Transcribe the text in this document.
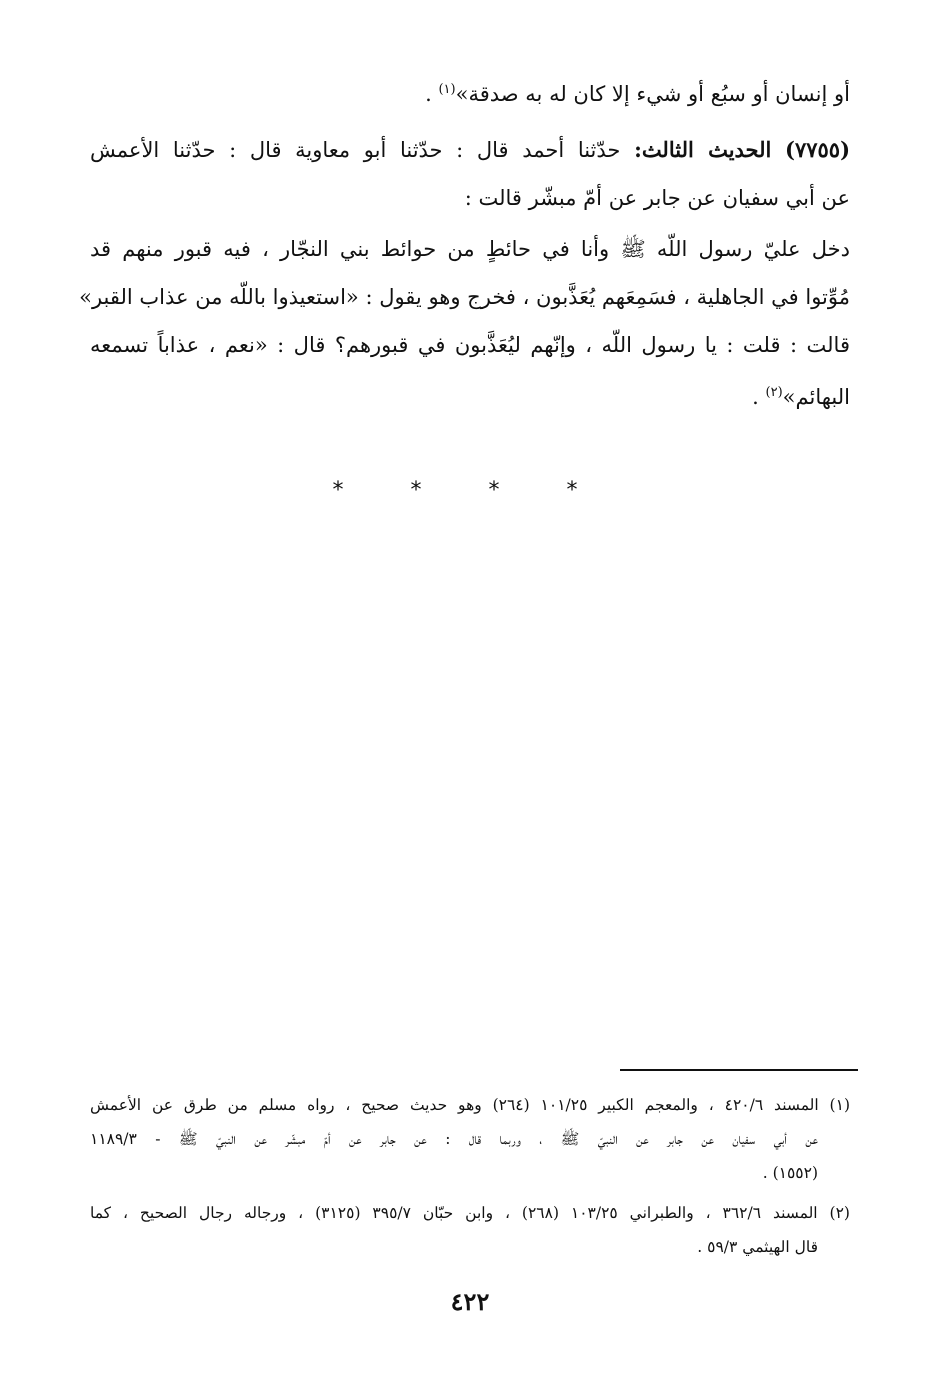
أو إنسان أو سبُع أو شيء إلا كان له به صدقة»$^{(١)}$ .
(٧٧٥٥) الحديث الثالث: حدّثنا أحمد قال : حدّثنا أبو معاوية قال : حدّثنا الأعمش
عن أبي سفيان عن جابر عن أمّ مبشّر قالت :
دخل عليّ رسول اللّه ﷺ وأنا في حائطٍ من حوائط بني النجّار ، فيه قبور منهم قد
مُوِّتوا في الجاهلية ، فسَمِعَهم يُعَذَّبون ، فخرج وهو يقول : «استعيذوا باللّه من عذاب القبر»
قالت : قلت : يا رسول اللّه ، وإنّهم ليُعَذَّبون في قبورهم؟ قال : «نعم ، عذاباً تسمعه
البهائم»$^{(٢)}$ .
* * * *
(١) المسند ٤٢٠/٦ ، والمعجم الكبير ١٠١/٢٥ (٢٦٤) وهو حديث صحيح ، رواه مسلم من طرق عن الأعمش
عن أبي سفيان عن جابر عن النبيّ ﷺ ، وربما قال : عن جابر عن أمّ مبشّر عن النبيّ ﷺ - ١١٨٩/٣
(١٥٥٢) .
(٢) المسند ٣٦٢/٦ ، والطبراني ١٠٣/٢٥ (٢٦٨) ، وابن حبّان ٣٩٥/٧ (٣١٢٥) ، ورجاله رجال الصحيح ، كما
قال الهيثمي ٥٩/٣ .
٤٢٢
